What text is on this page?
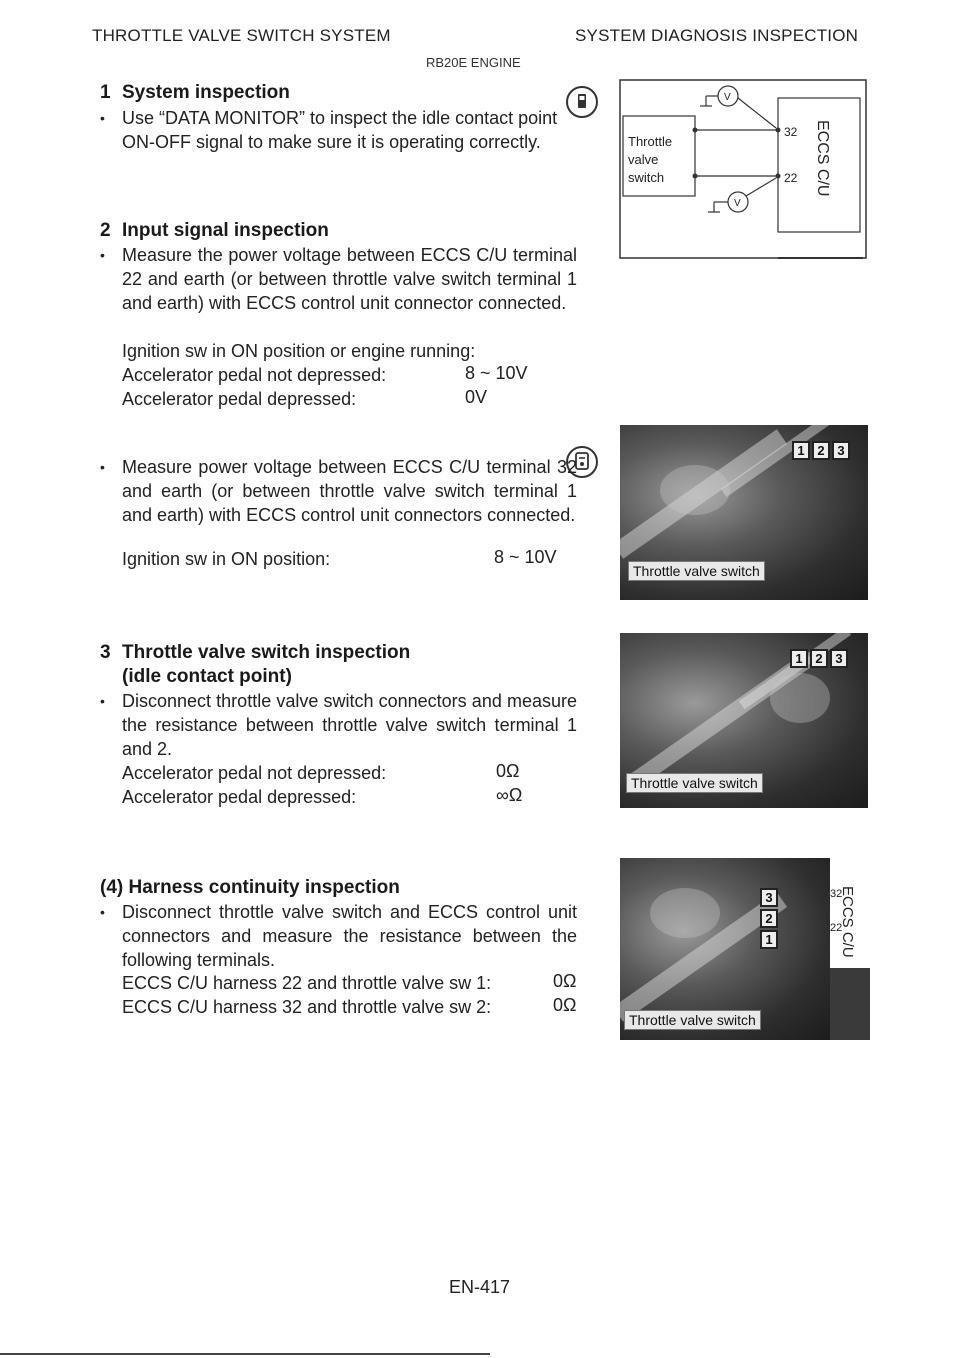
THROTTLE VALVE SWITCH SYSTEM	SYSTEM DIAGNOSIS INSPECTION
RB20E ENGINE
1 System inspection
• Use “DATA MONITOR” to inspect the idle contact point ON-OFF signal to make sure it is operating correctly.	Throttle
valve
switch
V
V
32
22 ECCS C/U
2 Input signal inspection
• Measure the power voltage between ECCS C/U terminal 22 and earth (or between throttle valve switch terminal 1 and earth) with ECCS control unit connector connected.
Ignition sw in ON position or engine running:
Accelerator pedal not depressed:	8 ~ 10V
Accelerator pedal depressed:	0V
• Measure power voltage between ECCS C/U terminal 32 and earth (or between throttle valve switch terminal 1 and earth) with ECCS control unit connectors connected.
Ignition sw in ON position:	8 ~ 10V
1 2 3
Throttle valve switch
3 Throttle valve switch inspection
(idle contact point)
• Disconnect throttle valve switch connectors and measure the resistance between throttle valve switch terminal 1 and 2.
Accelerator pedal not depressed:	0Ω
Accelerator pedal depressed:	∞Ω
1 2 3
Throttle valve switch
(4) Harness continuity inspection
• Disconnect throttle valve switch and ECCS control unit connectors and measure the resistance between the following terminals.
ECCS C/U harness 22 and throttle valve sw 1:	0Ω
ECCS C/U harness 32 and throttle valve sw 2:	0Ω
3
2
1
Throttle valve switch
32
22
ECCS C/U
EN-417
